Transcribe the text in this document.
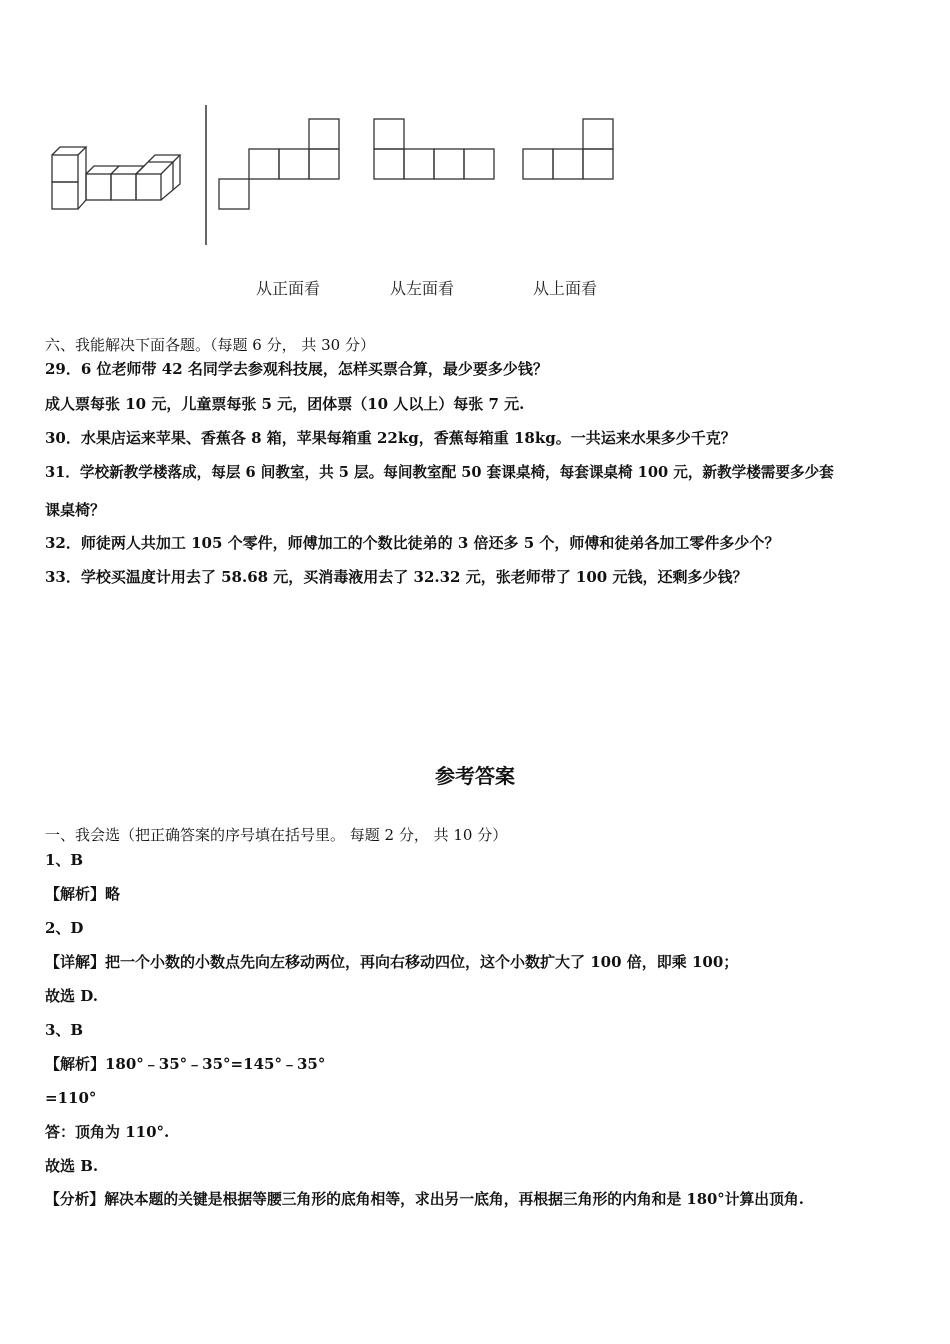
从正面看	从左面看	从上面看
六、我能解决下面各题。（每题 6 分， 共 30 分）
29．6 位老师带 42 名同学去参观科技展，怎样买票合算，最少要多少钱？
成人票每张 10 元，儿童票每张 5 元，团体票（10 人以上）每张 7 元.
30．水果店运来苹果、香蕉各 8 箱，苹果每箱重 22kg，香蕉每箱重 18kg。一共运来水果多少千克？
31．学校新教学楼落成，每层 6 间教室，共 5 层。每间教室配 50 套课桌椅，每套课桌椅 100 元，新教学楼需要多少套
课桌椅？
32．师徒两人共加工 105 个零件，师傅加工的个数比徒弟的 3 倍还多 5 个，师傅和徒弟各加工零件多少个？
33．学校买温度计用去了 58.68 元，买消毒液用去了 32.32 元，张老师带了 100 元钱，还剩多少钱？
参考答案
一、我会选（把正确答案的序号填在括号里。 每题 2 分， 共 10 分）
1、B
【解析】略
2、D
【详解】把一个小数的小数点先向左移动两位，再向右移动四位，这个小数扩大了 100 倍，即乘 100；
故选 D.
3、B
【解析】180°﹣35°﹣35°=145°﹣35°
=110°
答：顶角为 110°.
故选 B.
【分析】解决本题的关键是根据等腰三角形的底角相等，求出另一底角，再根据三角形的内角和是 180°计算出顶角.
